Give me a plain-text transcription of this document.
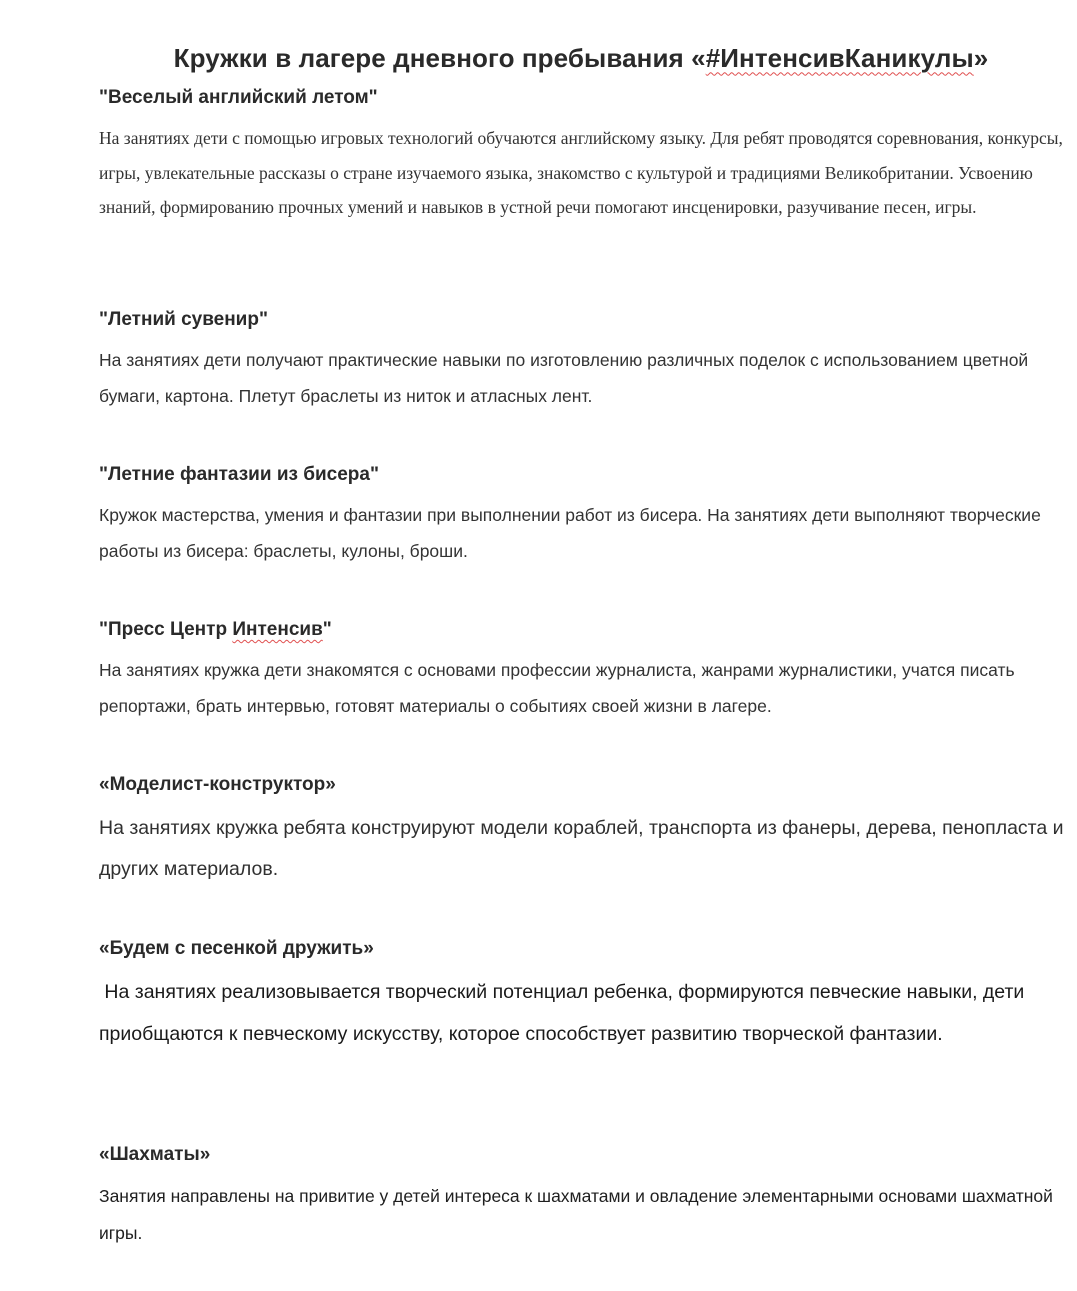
Кружки в лагере дневного пребывания «#ИнтенсивКаникулы»
"Веселый английский летом"

На занятиях дети с помощью игровых технологий обучаются английскому языку. Для ребят проводятся соревнования, конкурсы, игры, увлекательные рассказы о стране изучаемого языка, знакомство с культурой и традициями Великобритании. Усвоению знаний, формированию прочных умений и навыков в устной речи помогают инсценировки, разучивание песен, игры.

"Летний сувенир"

На занятиях дети получают практические навыки по изготовлению различных поделок с использованием цветной бумаги, картона. Плетут браслеты из ниток и атласных лент.

"Летние фантазии из бисера"

Кружок мастерства, умения и фантазии при выполнении работ из бисера. На занятиях дети выполняют творческие работы из бисера: браслеты, кулоны, броши.

"Пресс Центр Интенсив"

На занятиях кружка дети знакомятся с основами профессии журналиста, жанрами журналистики, учатся писать репортажи, брать интервью, готовят материалы о событиях своей жизни в лагере.

«Моделист-конструктор»

На занятиях кружка ребята конструируют модели кораблей, транспорта из фанеры, дерева, пенопласта и других материалов.

«Будем с песенкой дружить»

На занятиях реализовывается творческий потенциал ребенка, формируются певческие навыки, дети приобщаются к певческому искусству, которое способствует развитию творческой фантазии.

«Шахматы»

Занятия направлены на привитие у детей интереса к шахматами и овладение элементарными основами шахматной игры.
